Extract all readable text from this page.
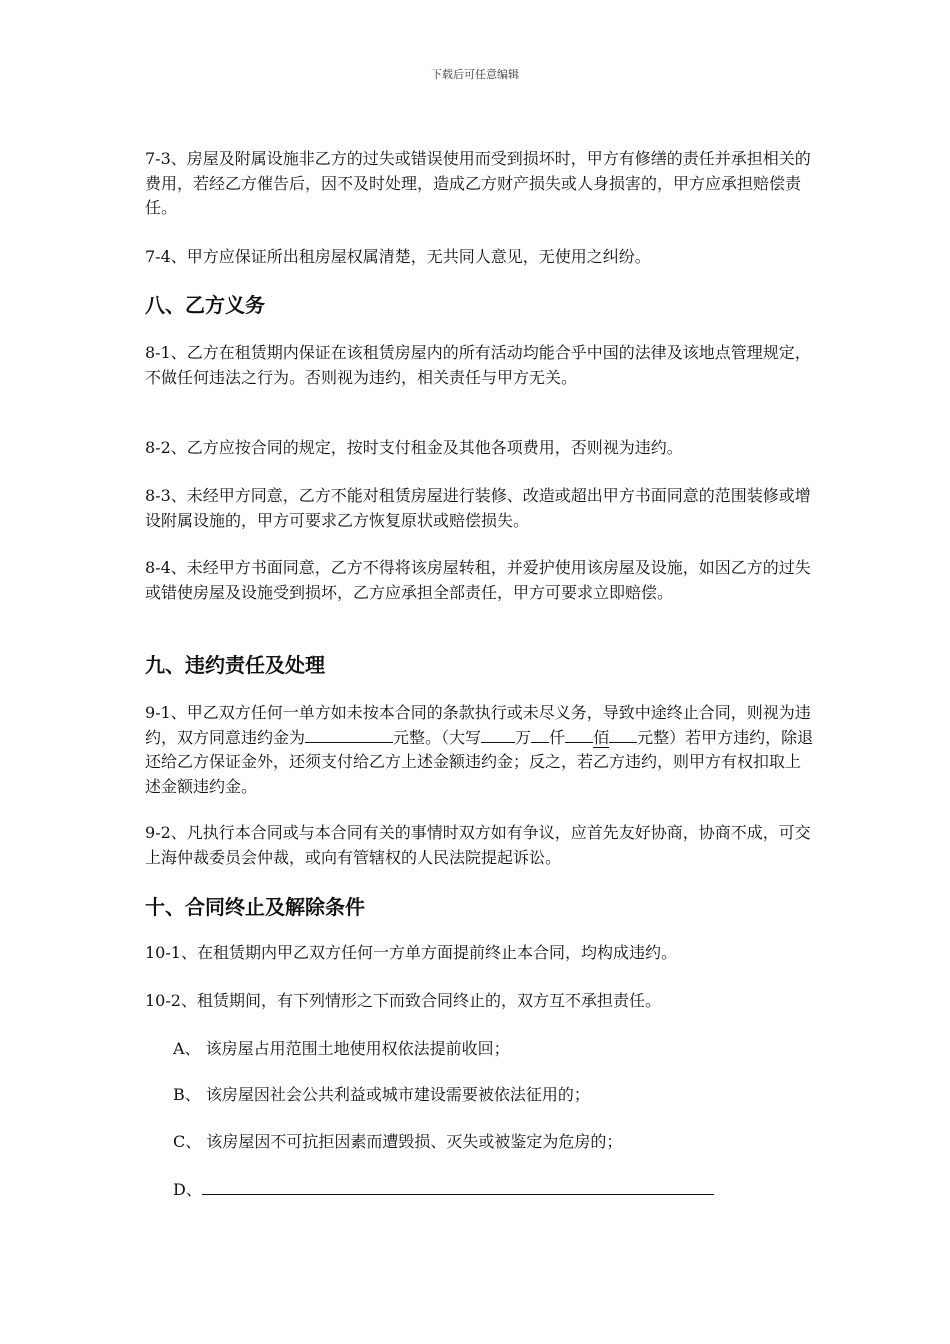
下载后可任意编辑

7-3、房屋及附属设施非乙方的过失或错误使用而受到损坏时，甲方有修缮的责任并承担相关的费用，若经乙方催告后，因不及时处理，造成乙方财产损失或人身损害的，甲方应承担赔偿责任。

7-4、甲方应保证所出租房屋权属清楚，无共同人意见，无使用之纠纷。

八、乙方义务

8-1、乙方在租赁期内保证在该租赁房屋内的所有活动均能合乎中国的法律及该地点管理规定，不做任何违法之行为。否则视为违约，相关责任与甲方无关。

8-2、乙方应按合同的规定，按时支付租金及其他各项费用，否则视为违约。

8-3、未经甲方同意，乙方不能对租赁房屋进行装修、改造或超出甲方书面同意的范围装修或增设附属设施的，甲方可要求乙方恢复原状或赔偿损失。

8-4、未经甲方书面同意，乙方不得将该房屋转租，并爱护使用该房屋及设施，如因乙方的过失或错使房屋及设施受到损坏，乙方应承担全部责任，甲方可要求立即赔偿。

九、违约责任及处理

9-1、甲乙双方任何一单方如未按本合同的条款执行或未尽义务，导致中途终止合同，则视为违约，双方同意违约金为	元整。（大写 万 仟 佰 元整）若甲方违约，除退还给乙方保证金外，还须支付给乙方上述金额违约金；反之，若乙方违约，则甲方有权扣取上述金额违约金。

9-2、凡执行本合同或与本合同有关的事情时双方如有争议，应首先友好协商，协商不成，可交上海仲裁委员会仲裁，或向有管辖权的人民法院提起诉讼。

十、合同终止及解除条件

10-1、在租赁期内甲乙双方任何一方单方面提前终止本合同，均构成违约。

10-2、租赁期间，有下列情形之下而致合同终止的，双方互不承担责任。

A、 该房屋占用范围土地使用权依法提前收回；
B、 该房屋因社会公共利益或城市建设需要被依法征用的；
C、 该房屋因不可抗拒因素而遭毁损、灭失或被鉴定为危房的；
D、
